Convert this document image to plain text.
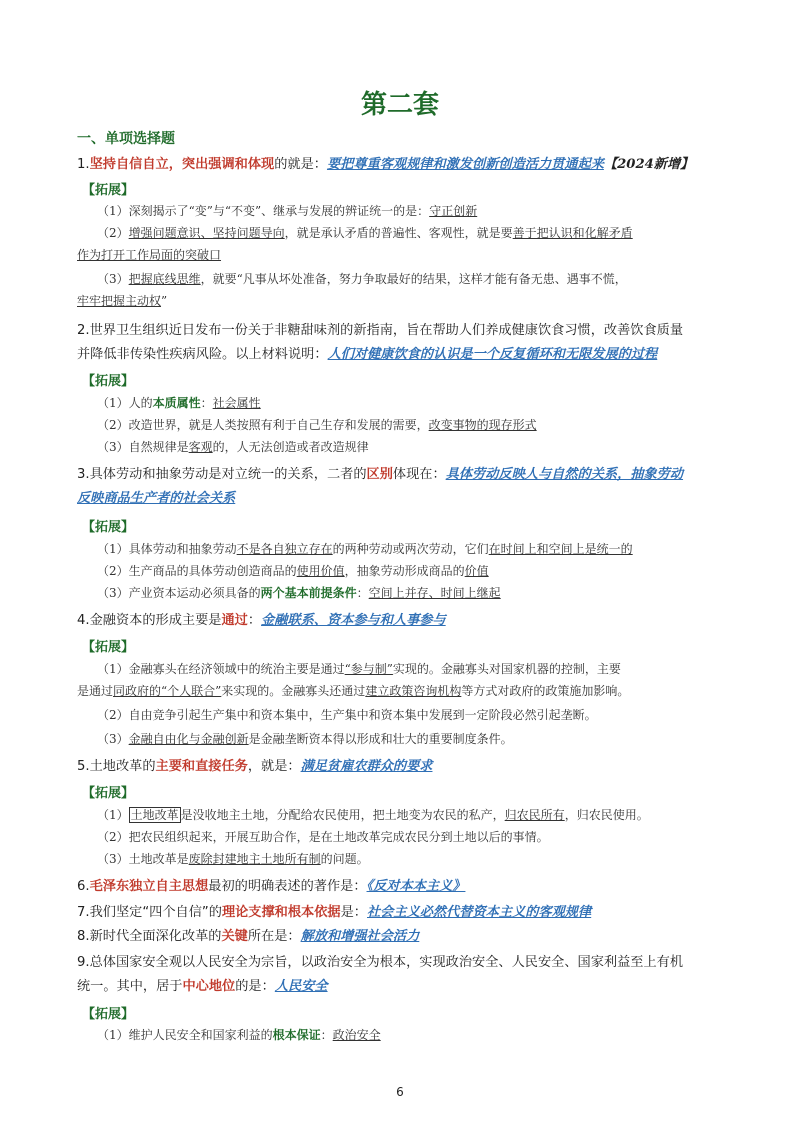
第二套
一、单项选择题
1.坚持自信自立，突出强调和体现的就是：要把尊重客观规律和激发创新创造活力贯通起来【2024新增】
【拓展】
（1）深刻揭示了“变”与“不变”、继承与发展的辨证统一的是：守正创新
（2）增强问题意识、坚持问题导向，就是承认矛盾的普遍性、客观性，就是要善于把认识和化解矛盾
作为打开工作局面的突破口
（3）把握底线思维，就要“凡事从坏处准备，努力争取最好的结果，这样才能有备无患、遇事不慌，
牢牢把握主动权”
2.世界卫生组织近日发布一份关于非糖甜味剂的新指南，旨在帮助人们养成健康饮食习惯，改善饮食质量
并降低非传染性疾病风险。以上材料说明：人们对健康饮食的认识是一个反复循环和无限发展的过程
【拓展】
（1）人的本质属性：社会属性
（2）改造世界，就是人类按照有利于自己生存和发展的需要，改变事物的现存形式
（3）自然规律是客观的，人无法创造或者改造规律
3.具体劳动和抽象劳动是对立统一的关系，二者的区别体现在：具体劳动反映人与自然的关系，抽象劳动
反映商品生产者的社会关系
【拓展】
（1）具体劳动和抽象劳动不是各自独立存在的两种劳动或两次劳动，它们在时间上和空间上是统一的
（2）生产商品的具体劳动创造商品的使用价值，抽象劳动形成商品的价值
（3）产业资本运动必须具备的两个基本前提条件：空间上并存、时间上继起
4.金融资本的形成主要是通过：金融联系、资本参与和人事参与
【拓展】
（1）金融寡头在经济领域中的统治主要是通过“参与制”实现的。金融寡头对国家机器的控制，主要
是通过同政府的“个人联合”来实现的。金融寡头还通过建立政策咨询机构等方式对政府的政策施加影响。
（2）自由竞争引起生产集中和资本集中，生产集中和资本集中发展到一定阶段必然引起垄断。
（3）金融自由化与金融创新是金融垄断资本得以形成和壮大的重要制度条件。
5.土地改革的主要和直接任务，就是：满足贫雇农群众的要求
【拓展】
（1） 土地改革 是没收地主土地，分配给农民使用，把土地变为农民的私产，归农民所有，归农民使用。
（2）把农民组织起来，开展互助合作，是在土地改革完成农民分到土地以后的事情。
（3）土地改革是废除封建地主土地所有制的问题。
6.毛泽东独立自主思想最初的明确表述的著作是：《反对本本主义》
7.我们坚定“四个自信”的理论支撑和根本依据是：社会主义必然代替资本主义的客观规律
8.新时代全面深化改革的关键所在是：解放和增强社会活力
9.总体国家安全观以人民安全为宗旨，以政治安全为根本，实现政治安全、人民安全、国家利益至上有机
统一。其中，居于中心地位的是：人民安全
【拓展】
（1）维护人民安全和国家利益的根本保证：政治安全
6
